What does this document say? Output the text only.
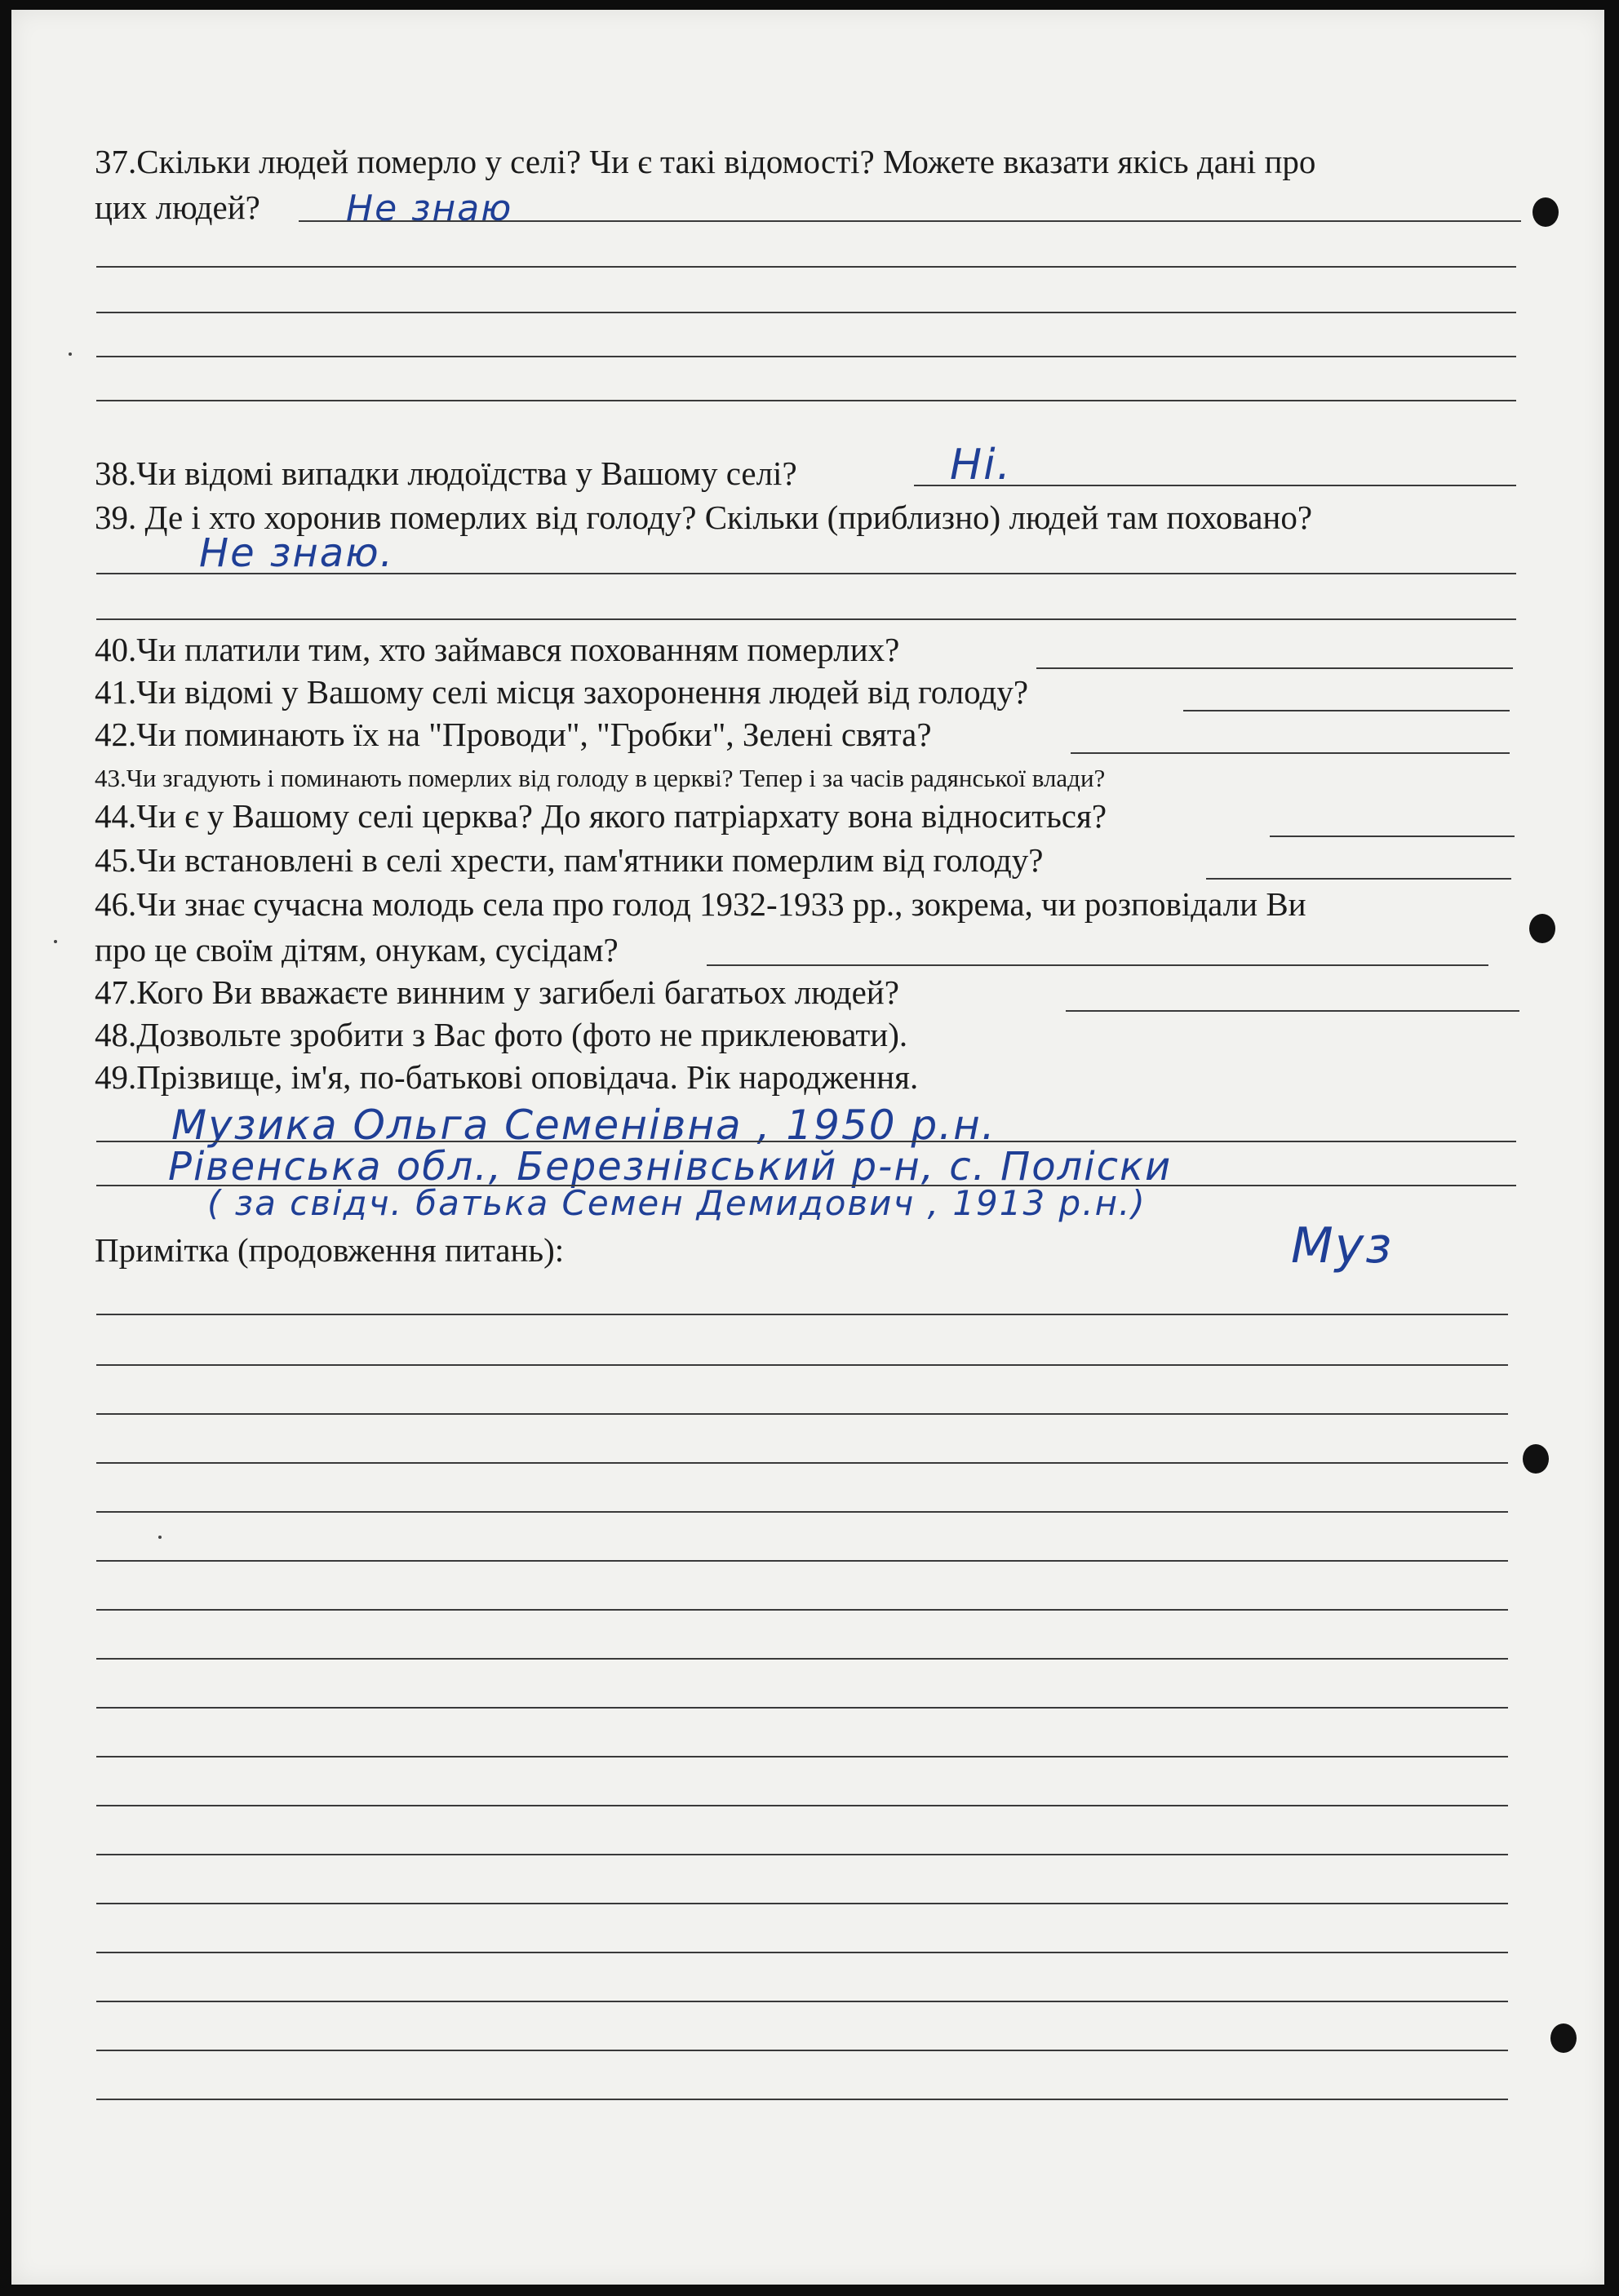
37.Скільки людей померло у селі? Чи є такі відомості? Можете вказати якісь дані про
цих людей? Не знаю
38.Чи відомі випадки людоїдства у Вашому селі?	Ні.
39. Де і хто хоронив померлих від голоду? Скільки (приблизно) людей там поховано?
Не знаю.
40.Чи платили тим, хто займався похованням померлих?
41.Чи відомі у Вашому селі місця захоронення людей від голоду?
42.Чи поминають їх на "Проводи", "Гробки", Зелені свята?
43.Чи згадують і поминають померлих від голоду в церкві? Тепер і за часів радянської влади?
44.Чи є у Вашому селі церква? До якого патріархату вона відноситься?
45.Чи встановлені в селі хрести, пам'ятники померлим від голоду?
46.Чи знає сучасна молодь села про голод 1932-1933 рр., зокрема, чи розповідали Ви
про це своїм дітям, онукам, сусідам?
47.Кого Ви вважаєте винним у загибелі багатьох людей?
48.Дозвольте зробити з Вас фото (фото не приклеювати).
49.Прізвище, ім'я, по-батькові оповідача. Рік народження.
Музика Ольга Семенівна , 1950 р.н.
Рівенська обл., Березнівський р-н, с. Поліски
( за свідч. батька Семен Демидович , 1913 р.н.)
Примітка (продовження питань):	Муз
